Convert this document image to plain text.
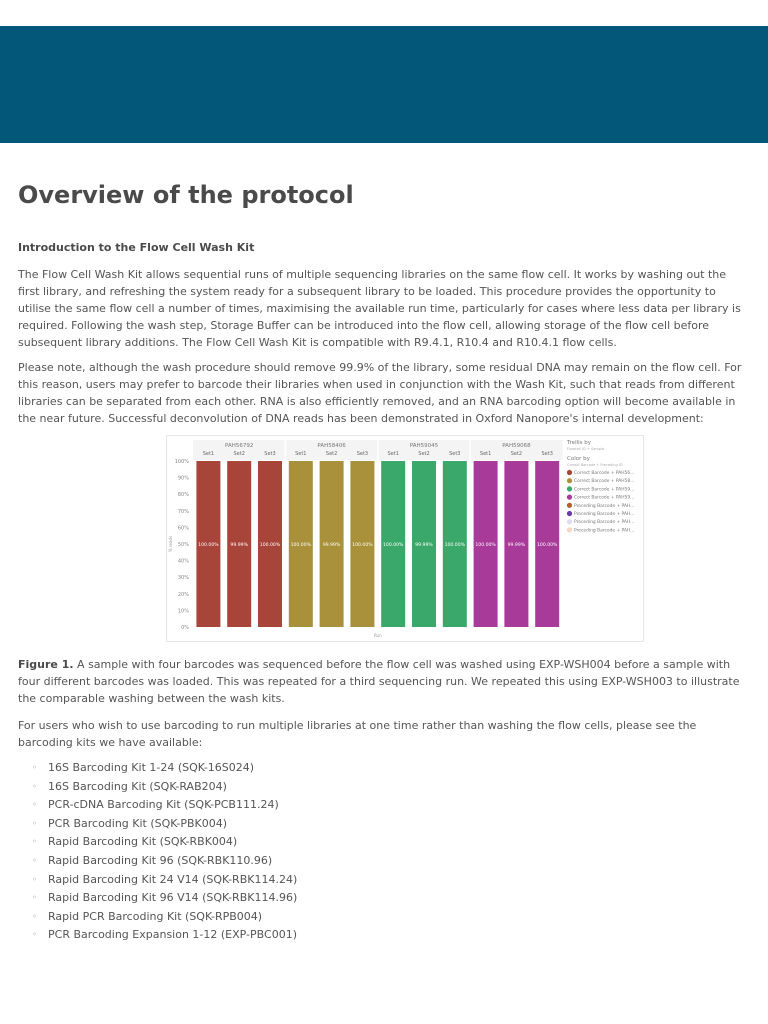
Overview of the protocol
Introduction to the Flow Cell Wash Kit

The Flow Cell Wash Kit allows sequential runs of multiple sequencing libraries on the same flow cell. It works by washing out the first library, and refreshing the system ready for a subsequent library to be loaded. This procedure provides the opportunity to utilise the same flow cell a number of times, maximising the available run time, particularly for cases where less data per library is required. Following the wash step, Storage Buffer can be introduced into the flow cell, allowing storage of the flow cell before subsequent library additions. The Flow Cell Wash Kit is compatible with R9.4.1, R10.4 and R10.4.1 flow cells.

Please note, although the wash procedure should remove 99.9% of the library, some residual DNA may remain on the flow cell. For this reason, users may prefer to barcode their libraries when used in conjunction with the Wash Kit, such that reads from different libraries can be separated from each other. RNA is also efficiently removed, and an RNA barcoding option will become available in the near future. Successful deconvolution of DNA reads has been demonstrated in Oxford Nanopore's internal development:

PAH56792	PAH58406	PAH59045	PAH59068
0%
10%
20%
30%
40%
50%
60%
70%
80%
90%
100%
% reads
Set1
100.00%
Set2
99.99%
Set3
100.00%
Set1
100.00%
Set2
99.99%
Set3
100.00%
Set1
100.00%
Set2
99.99%
Set3
100.00%
Set1
100.00%
Set2
99.99%
Set3
100.00%
Run
Trellis by
Flowcell ID + Sample
Color by
Correct Barcode + Preceding ID
Correct Barcode + PAH56...
Correct Barcode + PAH58...
Correct Barcode + PAH59...
Correct Barcode + PAH59...
Preceding Barcode + PAH...
Preceding Barcode + PAH...
Preceding Barcode + PAH...
Preceding Barcode + PAH...

Figure 1. A sample with four barcodes was sequenced before the flow cell was washed using EXP-WSH004 before a sample with four different barcodes was loaded. This was repeated for a third sequencing run. We repeated this using EXP-WSH003 to illustrate the comparable washing between the wash kits.

For users who wish to use barcoding to run multiple libraries at one time rather than washing the flow cells, please see the barcoding kits we have available:

◦ 16S Barcoding Kit 1-24 (SQK-16S024)
◦ 16S Barcoding Kit (SQK-RAB204)
◦ PCR-cDNA Barcoding Kit (SQK-PCB111.24)
◦ PCR Barcoding Kit (SQK-PBK004)
◦ Rapid Barcoding Kit (SQK-RBK004)
◦ Rapid Barcoding Kit 96 (SQK-RBK110.96)
◦ Rapid Barcoding Kit 24 V14 (SQK-RBK114.24)
◦ Rapid Barcoding Kit 96 V14 (SQK-RBK114.96)
◦ Rapid PCR Barcoding Kit (SQK-RPB004)
◦ PCR Barcoding Expansion 1-12 (EXP-PBC001)
